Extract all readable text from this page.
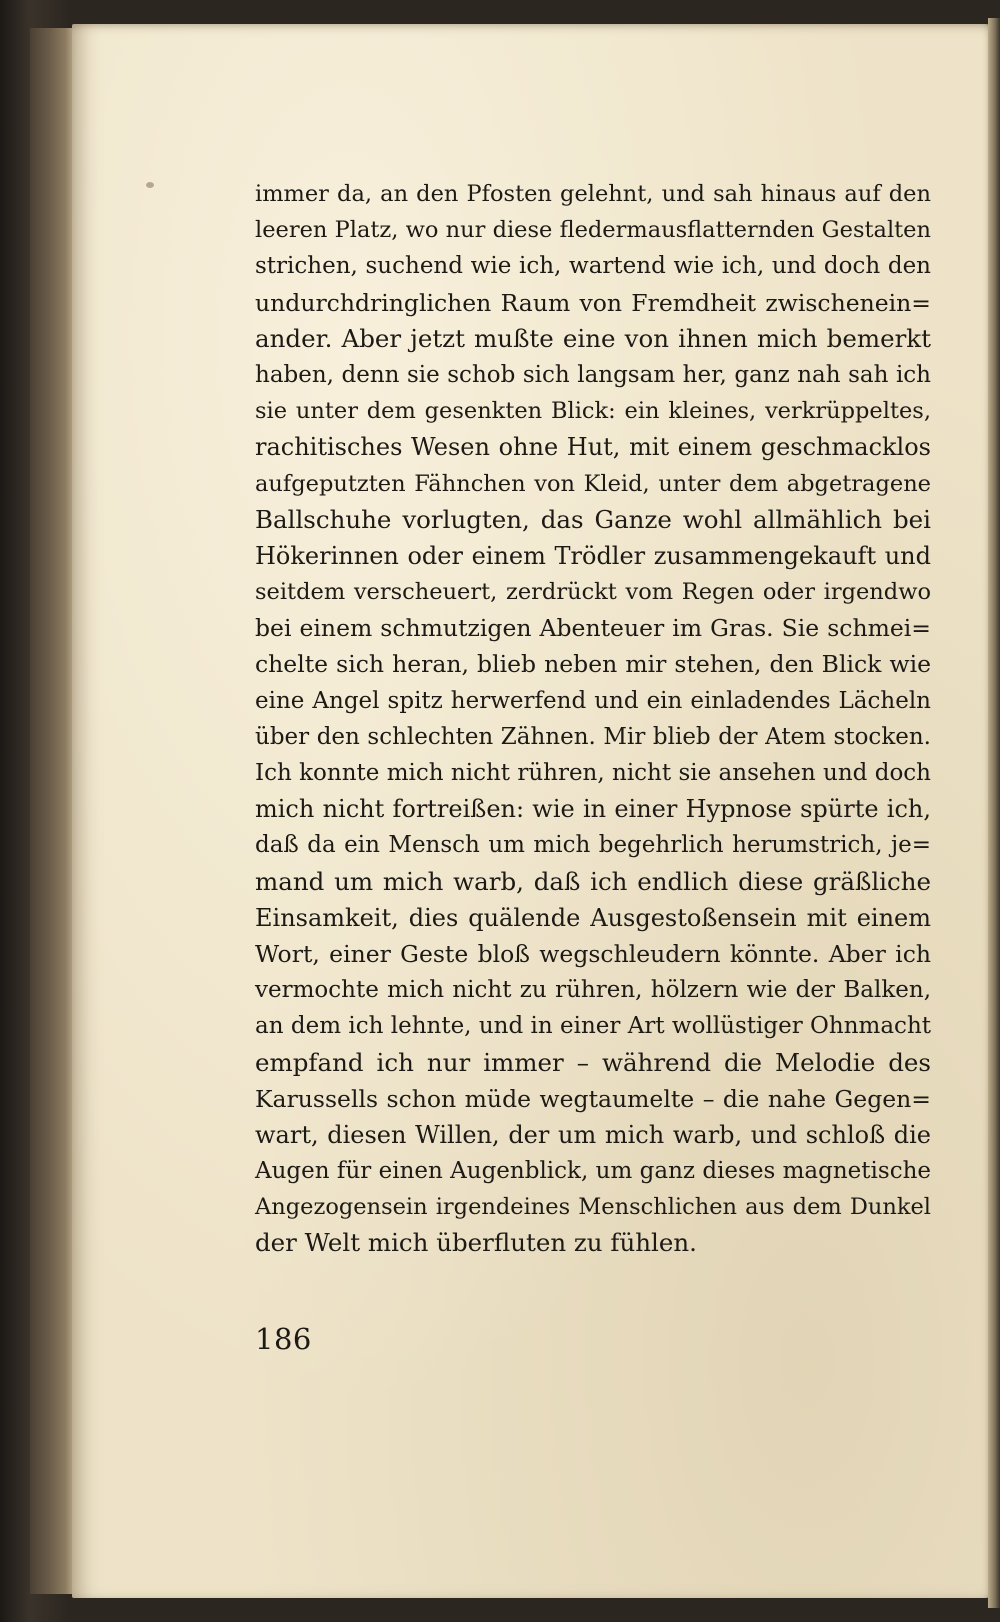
immer da, an den Pfosten gelehnt, und sah hinaus auf den
leeren Platz, wo nur diese fledermausflatternden Gestalten
strichen, suchend wie ich, wartend wie ich, und doch den
undurchdringlichen Raum von Fremdheit zwischenein=
ander. Aber jetzt mußte eine von ihnen mich bemerkt
haben, denn sie schob sich langsam her, ganz nah sah ich
sie unter dem gesenkten Blick: ein kleines, verkrüppeltes,
rachitisches Wesen ohne Hut, mit einem geschmacklos
aufgeputzten Fähnchen von Kleid, unter dem abgetragene
Ballschuhe vorlugten, das Ganze wohl allmählich bei
Hökerinnen oder einem Trödler zusammengekauft und
seitdem verscheuert, zerdrückt vom Regen oder irgendwo
bei einem schmutzigen Abenteuer im Gras. Sie schmei=
chelte sich heran, blieb neben mir stehen, den Blick wie
eine Angel spitz herwerfend und ein einladendes Lächeln
über den schlechten Zähnen. Mir blieb der Atem stocken.
Ich konnte mich nicht rühren, nicht sie ansehen und doch
mich nicht fortreißen: wie in einer Hypnose spürte ich,
daß da ein Mensch um mich begehrlich herumstrich, je=
mand um mich warb, daß ich endlich diese gräßliche
Einsamkeit, dies quälende Ausgestoßensein mit einem
Wort, einer Geste bloß wegschleudern könnte. Aber ich
vermochte mich nicht zu rühren, hölzern wie der Balken,
an dem ich lehnte, und in einer Art wollüstiger Ohnmacht
empfand ich nur immer – während die Melodie des
Karussells schon müde wegtaumelte – die nahe Gegen=
wart, diesen Willen, der um mich warb, und schloß die
Augen für einen Augenblick, um ganz dieses magnetische
Angezogensein irgendeines Menschlichen aus dem Dunkel
der Welt mich überfluten zu fühlen.
186
